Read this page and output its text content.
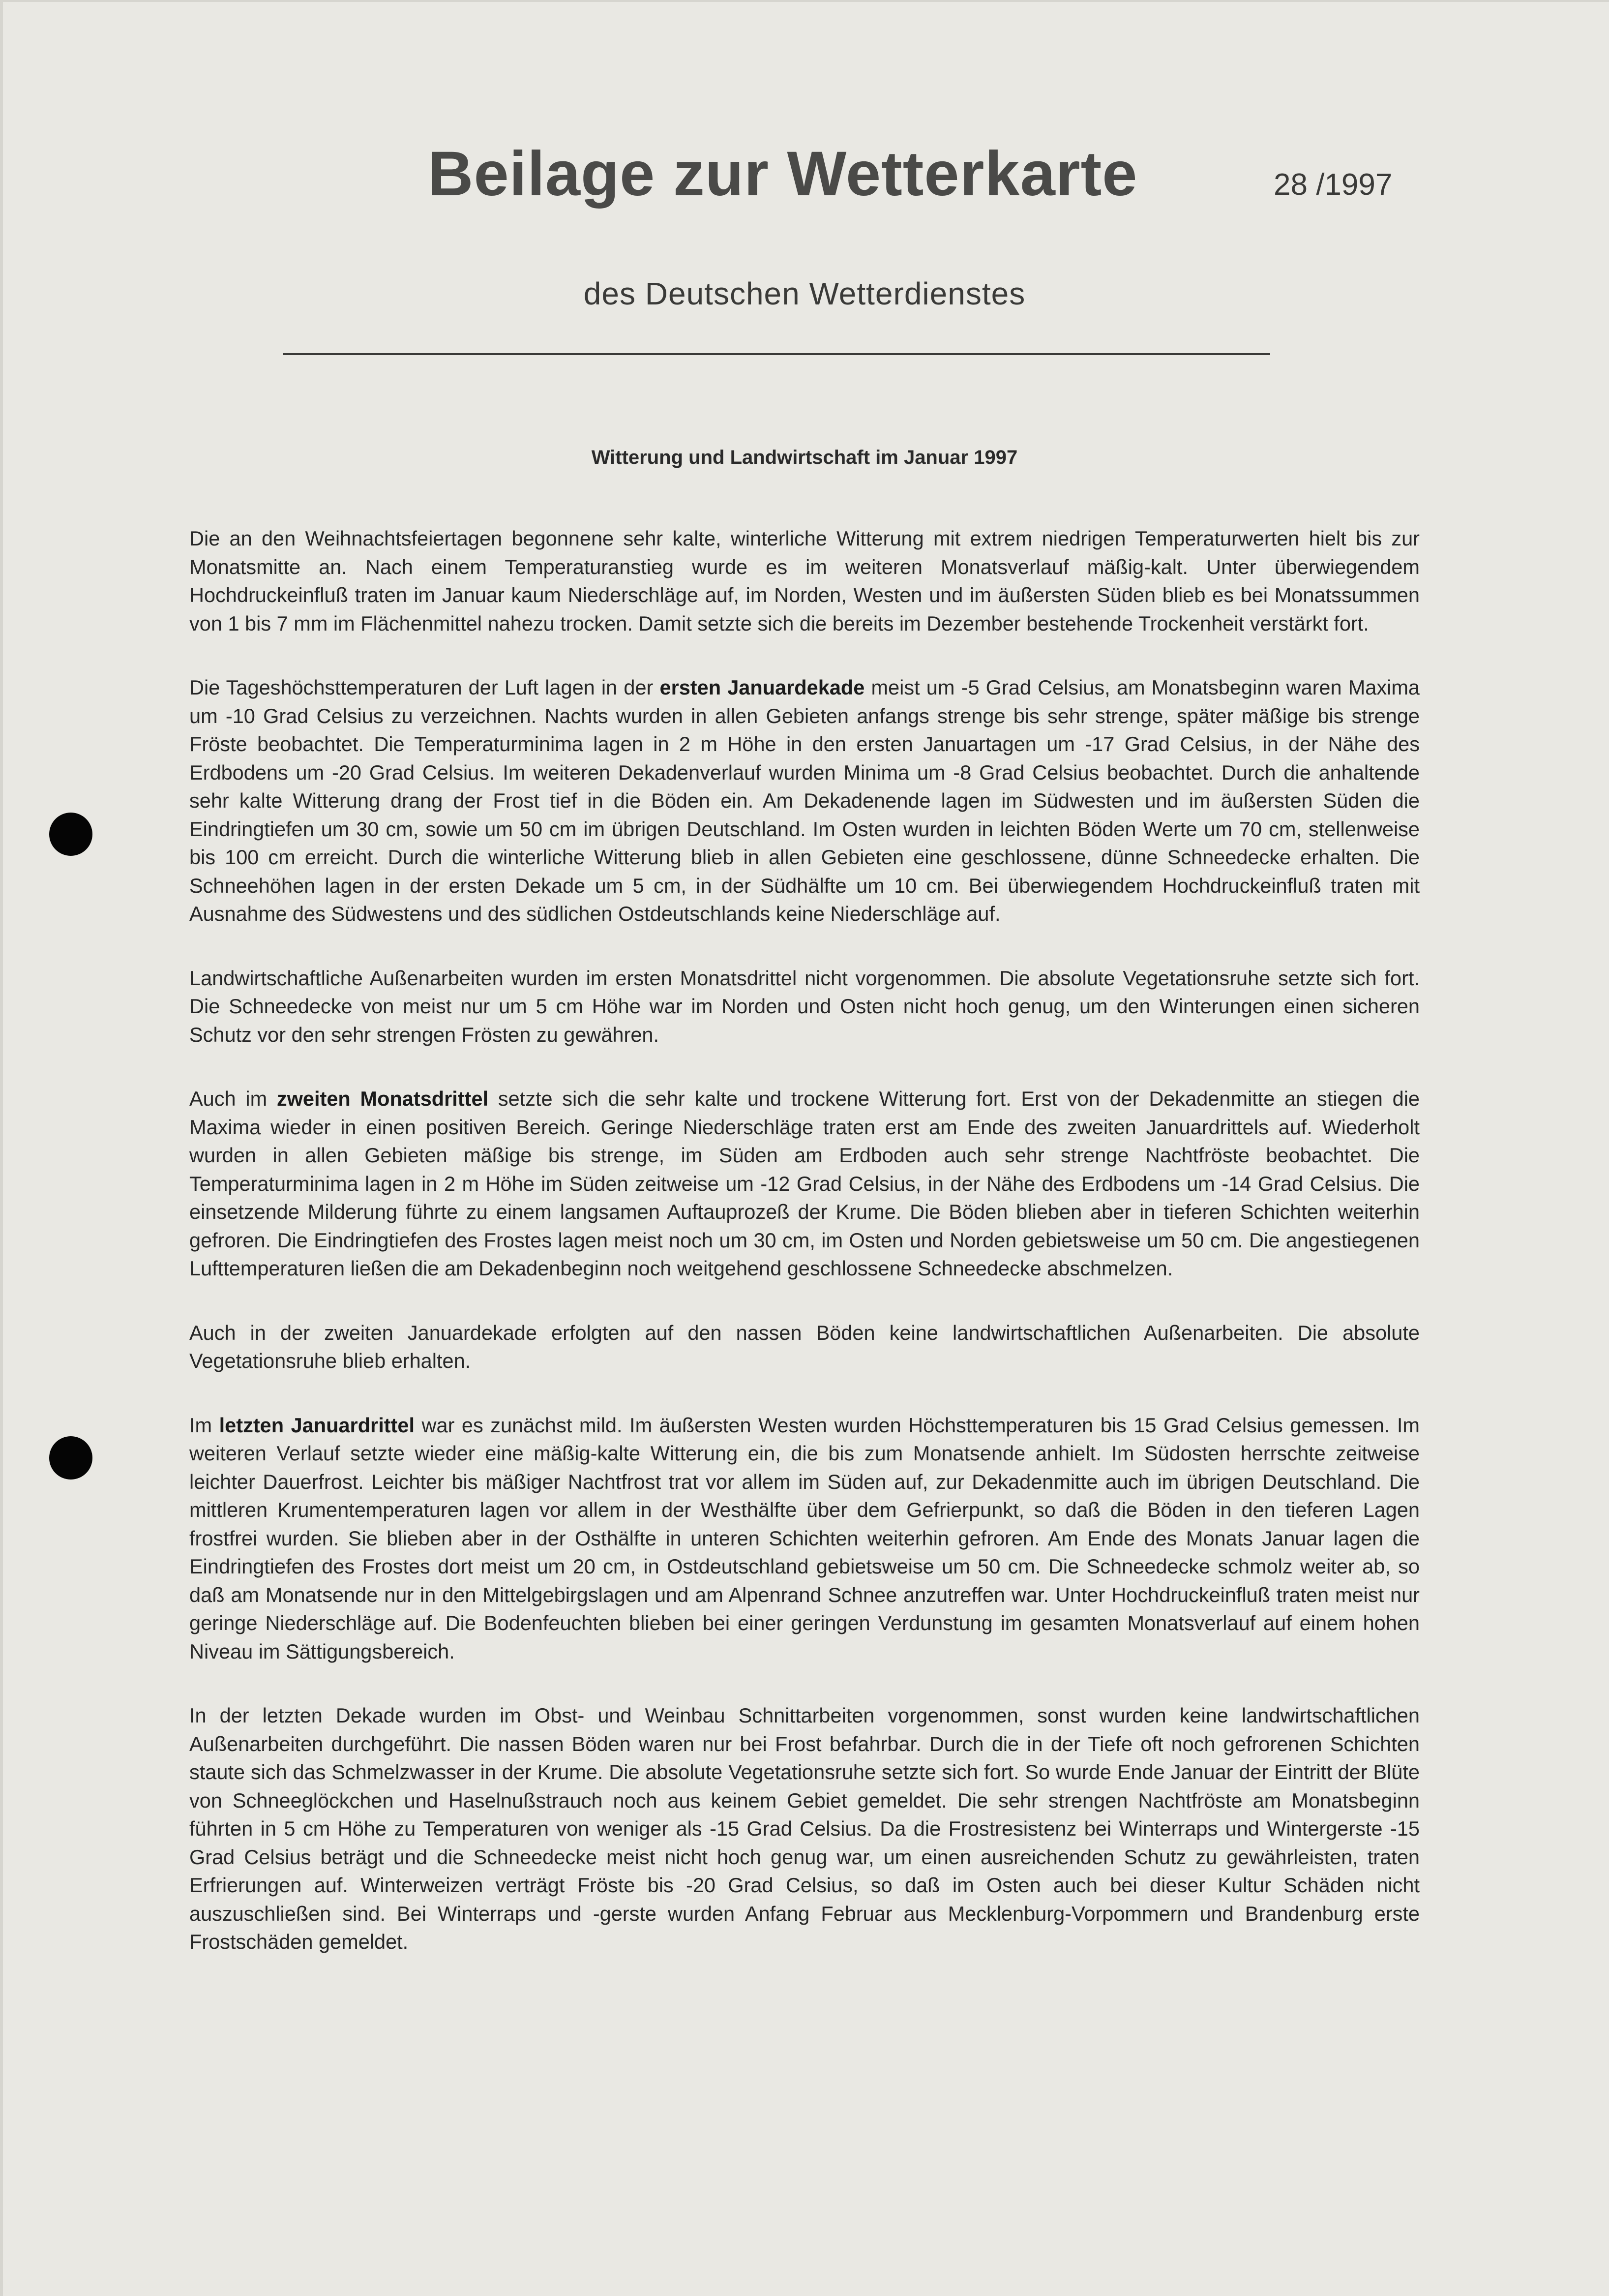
Beilage zur Wetterkarte	28 /1997
des Deutschen Wetterdienstes
Witterung und Landwirtschaft im Januar 1997

Die an den Weihnachtsfeiertagen begonnene sehr kalte, winterliche Witterung mit extrem niedrigen Temperaturwerten hielt bis zur Monatsmitte an. Nach einem Temperaturanstieg wurde es im weiteren Monatsverlauf mäßig-kalt. Unter überwiegendem Hochdruckeinfluß traten im Januar kaum Niederschläge auf, im Norden, Westen und im äußersten Süden blieb es bei Monatssummen von 1 bis 7 mm im Flächenmittel nahezu trocken. Damit setzte sich die bereits im Dezember bestehende Trockenheit verstärkt fort.

Die Tageshöchsttemperaturen der Luft lagen in der ersten Januardekade meist um -5 Grad Celsius, am Monatsbeginn waren Maxima um -10 Grad Celsius zu verzeichnen. Nachts wurden in allen Gebieten anfangs strenge bis sehr strenge, später mäßige bis strenge Fröste beobachtet. Die Temperaturminima lagen in 2 m Höhe in den ersten Januartagen um -17 Grad Celsius, in der Nähe des Erdbodens um -20 Grad Celsius. Im weiteren Dekadenverlauf wurden Minima um -8 Grad Celsius beobachtet. Durch die anhaltende sehr kalte Witterung drang der Frost tief in die Böden ein. Am Dekadenende lagen im Südwesten und im äußersten Süden die Eindringtiefen um 30 cm, sowie um 50 cm im übrigen Deutschland. Im Osten wurden in leichten Böden Werte um 70 cm, stellenweise bis 100 cm erreicht. Durch die winterliche Witterung blieb in allen Gebieten eine geschlossene, dünne Schneedecke erhalten. Die Schneehöhen lagen in der ersten Dekade um 5 cm, in der Südhälfte um 10 cm. Bei überwiegendem Hochdruckeinfluß traten mit Ausnahme des Südwestens und des südlichen Ostdeutschlands keine Niederschläge auf.

Landwirtschaftliche Außenarbeiten wurden im ersten Monatsdrittel nicht vorgenommen. Die absolute Vegetationsruhe setzte sich fort. Die Schneedecke von meist nur um 5 cm Höhe war im Norden und Osten nicht hoch genug, um den Winterungen einen sicheren Schutz vor den sehr strengen Frösten zu gewähren.

Auch im zweiten Monatsdrittel setzte sich die sehr kalte und trockene Witterung fort. Erst von der Dekadenmitte an stiegen die Maxima wieder in einen positiven Bereich. Geringe Niederschläge traten erst am Ende des zweiten Januardrittels auf. Wiederholt wurden in allen Gebieten mäßige bis strenge, im Süden am Erdboden auch sehr strenge Nachtfröste beobachtet. Die Temperaturminima lagen in 2 m Höhe im Süden zeitweise um -12 Grad Celsius, in der Nähe des Erdbodens um -14 Grad Celsius. Die einsetzende Milderung führte zu einem langsamen Auftauprozeß der Krume. Die Böden blieben aber in tieferen Schichten weiterhin gefroren. Die Eindringtiefen des Frostes lagen meist noch um 30 cm, im Osten und Norden gebietsweise um 50 cm. Die angestiegenen Lufttemperaturen ließen die am Dekadenbeginn noch weitgehend geschlossene Schneedecke abschmelzen.

Auch in der zweiten Januardekade erfolgten auf den nassen Böden keine landwirtschaftlichen Außenarbeiten. Die absolute Vegetationsruhe blieb erhalten.

Im letzten Januardrittel war es zunächst mild. Im äußersten Westen wurden Höchsttemperaturen bis 15 Grad Celsius gemessen. Im weiteren Verlauf setzte wieder eine mäßig-kalte Witterung ein, die bis zum Monatsende anhielt. Im Südosten herrschte zeitweise leichter Dauerfrost. Leichter bis mäßiger Nachtfrost trat vor allem im Süden auf, zur Dekadenmitte auch im übrigen Deutschland. Die mittleren Krumentemperaturen lagen vor allem in der Westhälfte über dem Gefrierpunkt, so daß die Böden in den tieferen Lagen frostfrei wurden. Sie blieben aber in der Osthälfte in unteren Schichten weiterhin gefroren. Am Ende des Monats Januar lagen die Eindringtiefen des Frostes dort meist um 20 cm, in Ostdeutschland gebietsweise um 50 cm. Die Schneedecke schmolz weiter ab, so daß am Monatsende nur in den Mittelgebirgslagen und am Alpenrand Schnee anzutreffen war. Unter Hochdruckeinfluß traten meist nur geringe Niederschläge auf. Die Bodenfeuchten blieben bei einer geringen Verdunstung im gesamten Monatsverlauf auf einem hohen Niveau im Sättigungsbereich.

In der letzten Dekade wurden im Obst- und Weinbau Schnittarbeiten vorgenommen, sonst wurden keine landwirtschaftlichen Außenarbeiten durchgeführt. Die nassen Böden waren nur bei Frost befahrbar. Durch die in der Tiefe oft noch gefrorenen Schichten staute sich das Schmelzwasser in der Krume. Die absolute Vegetationsruhe setzte sich fort. So wurde Ende Januar der Eintritt der Blüte von Schneeglöckchen und Haselnußstrauch noch aus keinem Gebiet gemeldet. Die sehr strengen Nachtfröste am Monatsbeginn führten in 5 cm Höhe zu Temperaturen von weniger als -15 Grad Celsius. Da die Frostresistenz bei Winterraps und Wintergerste -15 Grad Celsius beträgt und die Schneedecke meist nicht hoch genug war, um einen ausreichenden Schutz zu gewährleisten, traten Erfrierungen auf. Winterweizen verträgt Fröste bis -20 Grad Celsius, so daß im Osten auch bei dieser Kultur Schäden nicht auszuschließen sind. Bei Winterraps und -gerste wurden Anfang Februar aus Mecklenburg-Vorpommern und Brandenburg erste Frostschäden gemeldet.
